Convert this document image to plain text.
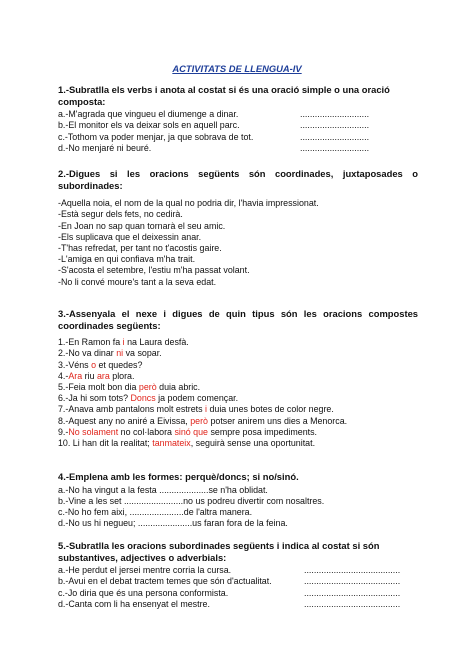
ACTIVITATS DE LLENGUA-IV

1.-Subratlla els verbs i anota al costat si és una oració simple o una oració composta:

a.-M'agrada que vingueu el diumenge a dinar.	............................
b.-El monitor els va deixar sols en aquell parc.	............................
c.-Tothom va poder menjar, ja que sobrava de tot.	............................
d.-No menjaré ni beuré.	............................

2.-Digues si les oracions següents són coordinades, juxtaposades o subordinades:

-Aquella noia, el nom de la qual no podria dir, l'havia impressionat.
-Està segur dels fets, no cedirà.
-En Joan no sap quan tornarà el seu amic.
-Els suplicava que el deixessin anar.
-T'has refredat, per tant no t'acostis gaire.
-L'amiga en qui confiava m'ha trait.
-S'acosta el setembre, l'estiu m'ha passat volant.
-No li convé moure's tant a la seva edat.

3.-Assenyala el nexe i digues de quin tipus són les oracions compostes coordinades següents:

1.-En Ramon fa i na Laura desfà.
2.-No va dinar ni va sopar.
3.-Véns o et quedes?
4.-Ara riu ara plora.
5.-Feia molt bon dia però duia abric.
6.-Ja hi som tots? Doncs ja podem començar.
7.-Anava amb pantalons molt estrets i duia unes botes de color negre.
8.-Aquest any no aniré a Eivissa, però potser anirem uns dies a Menorca.
9.-No solament no col·labora sinó que sempre posa impediments.
10. Li han dit la realitat; tanmateix, seguirà sense una oportunitat.

4.-Emplena amb les formes: perquè/doncs; si no/sinó.

a.-No ha vingut a la festa ....................se n'ha oblidat.
b.-Vine a les set ........................no us podreu divertir com nosaltres.
c.-No ho fem aixi, ......................de l'altra manera.
d.-No us hi negueu; ......................us faran fora de la feina.

5.-Subratlla les oracions subordinades següents i indica al costat si són substantives, adjectives o adverbials:

a.-He perdut el jersei mentre corria la cursa.	.......................................
b.-Avui en el debat tractem temes que són d'actualitat.	.......................................
c.-Jo diria que és una persona conformista.	.......................................
d.-Canta com li ha ensenyat el mestre.	.......................................
